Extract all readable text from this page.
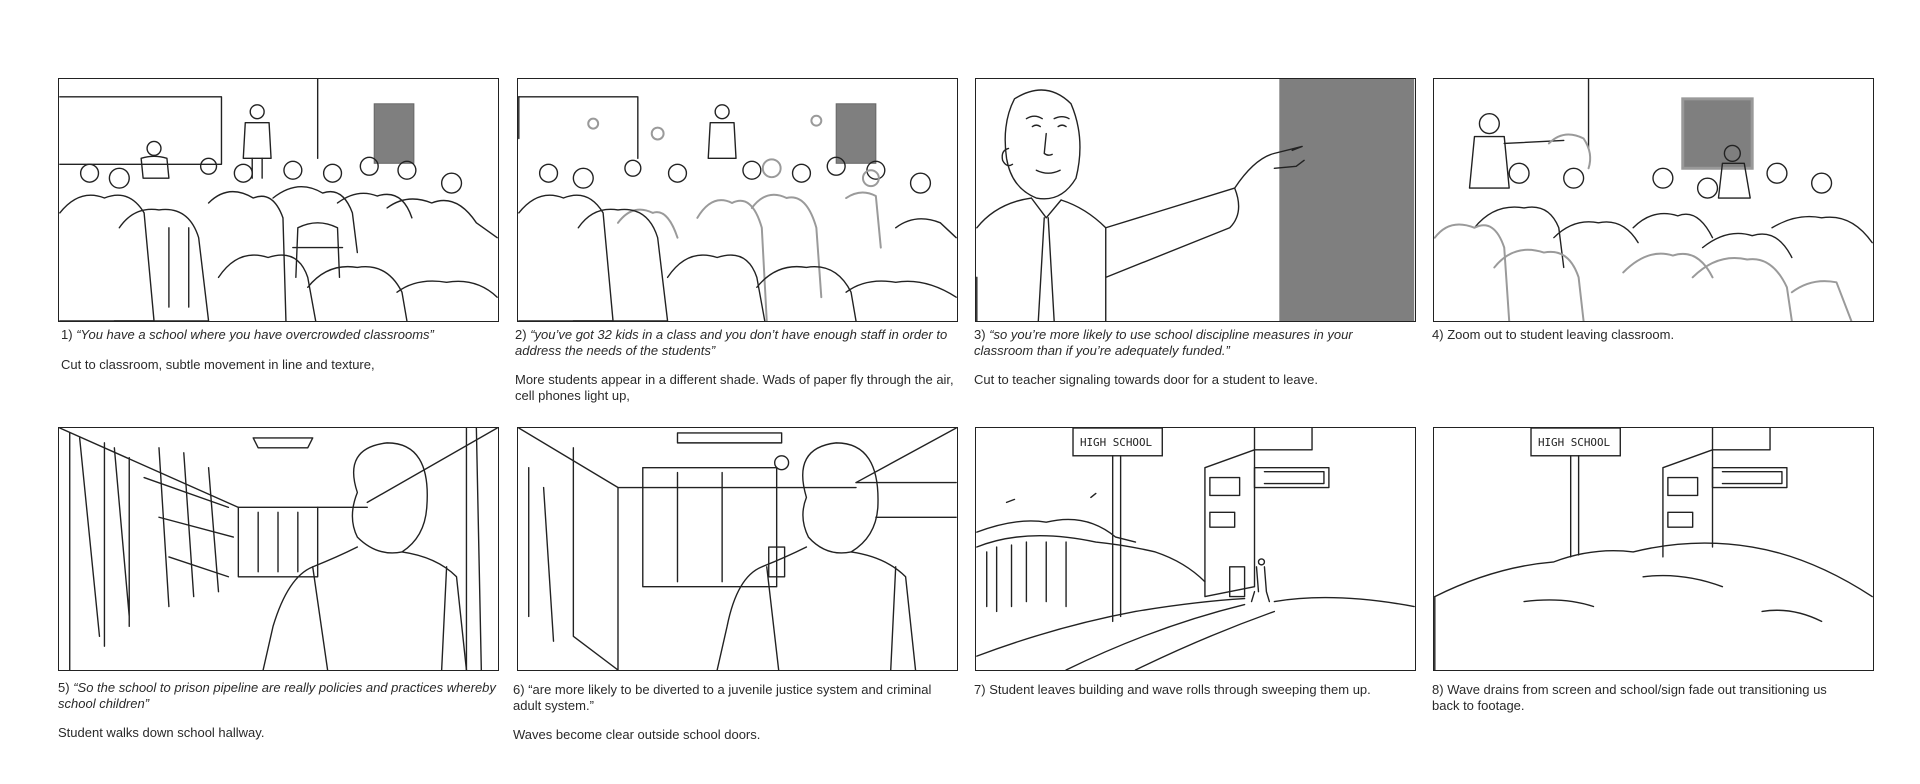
1) “You have a school where you have overcrowded classrooms”
Cut to classroom, subtle movement in line and texture,
2) “you’ve got 32 kids in a class and you don’t have enough staff in order to address the needs of the students”
More students appear in a different shade. Wads of paper fly through the air, cell phones light up,
3) “so you’re more likely to use school discipline measures in your classroom than if you’re adequately funded.”
Cut to teacher signaling towards door for a student to leave.
4) Zoom out to student leaving classroom.
HIGH SCHOOL	HIGH SCHOOL
5) “So the school to prison pipeline are really policies and practices whereby school children”
Student walks down school hallway.
6) “are more likely to be diverted to a juvenile justice system and criminal adult system.”
Waves become clear outside school doors.
7) Student leaves building and wave rolls through sweeping them up.	8) Wave drains from screen and school/sign fade out transitioning us back to footage.
